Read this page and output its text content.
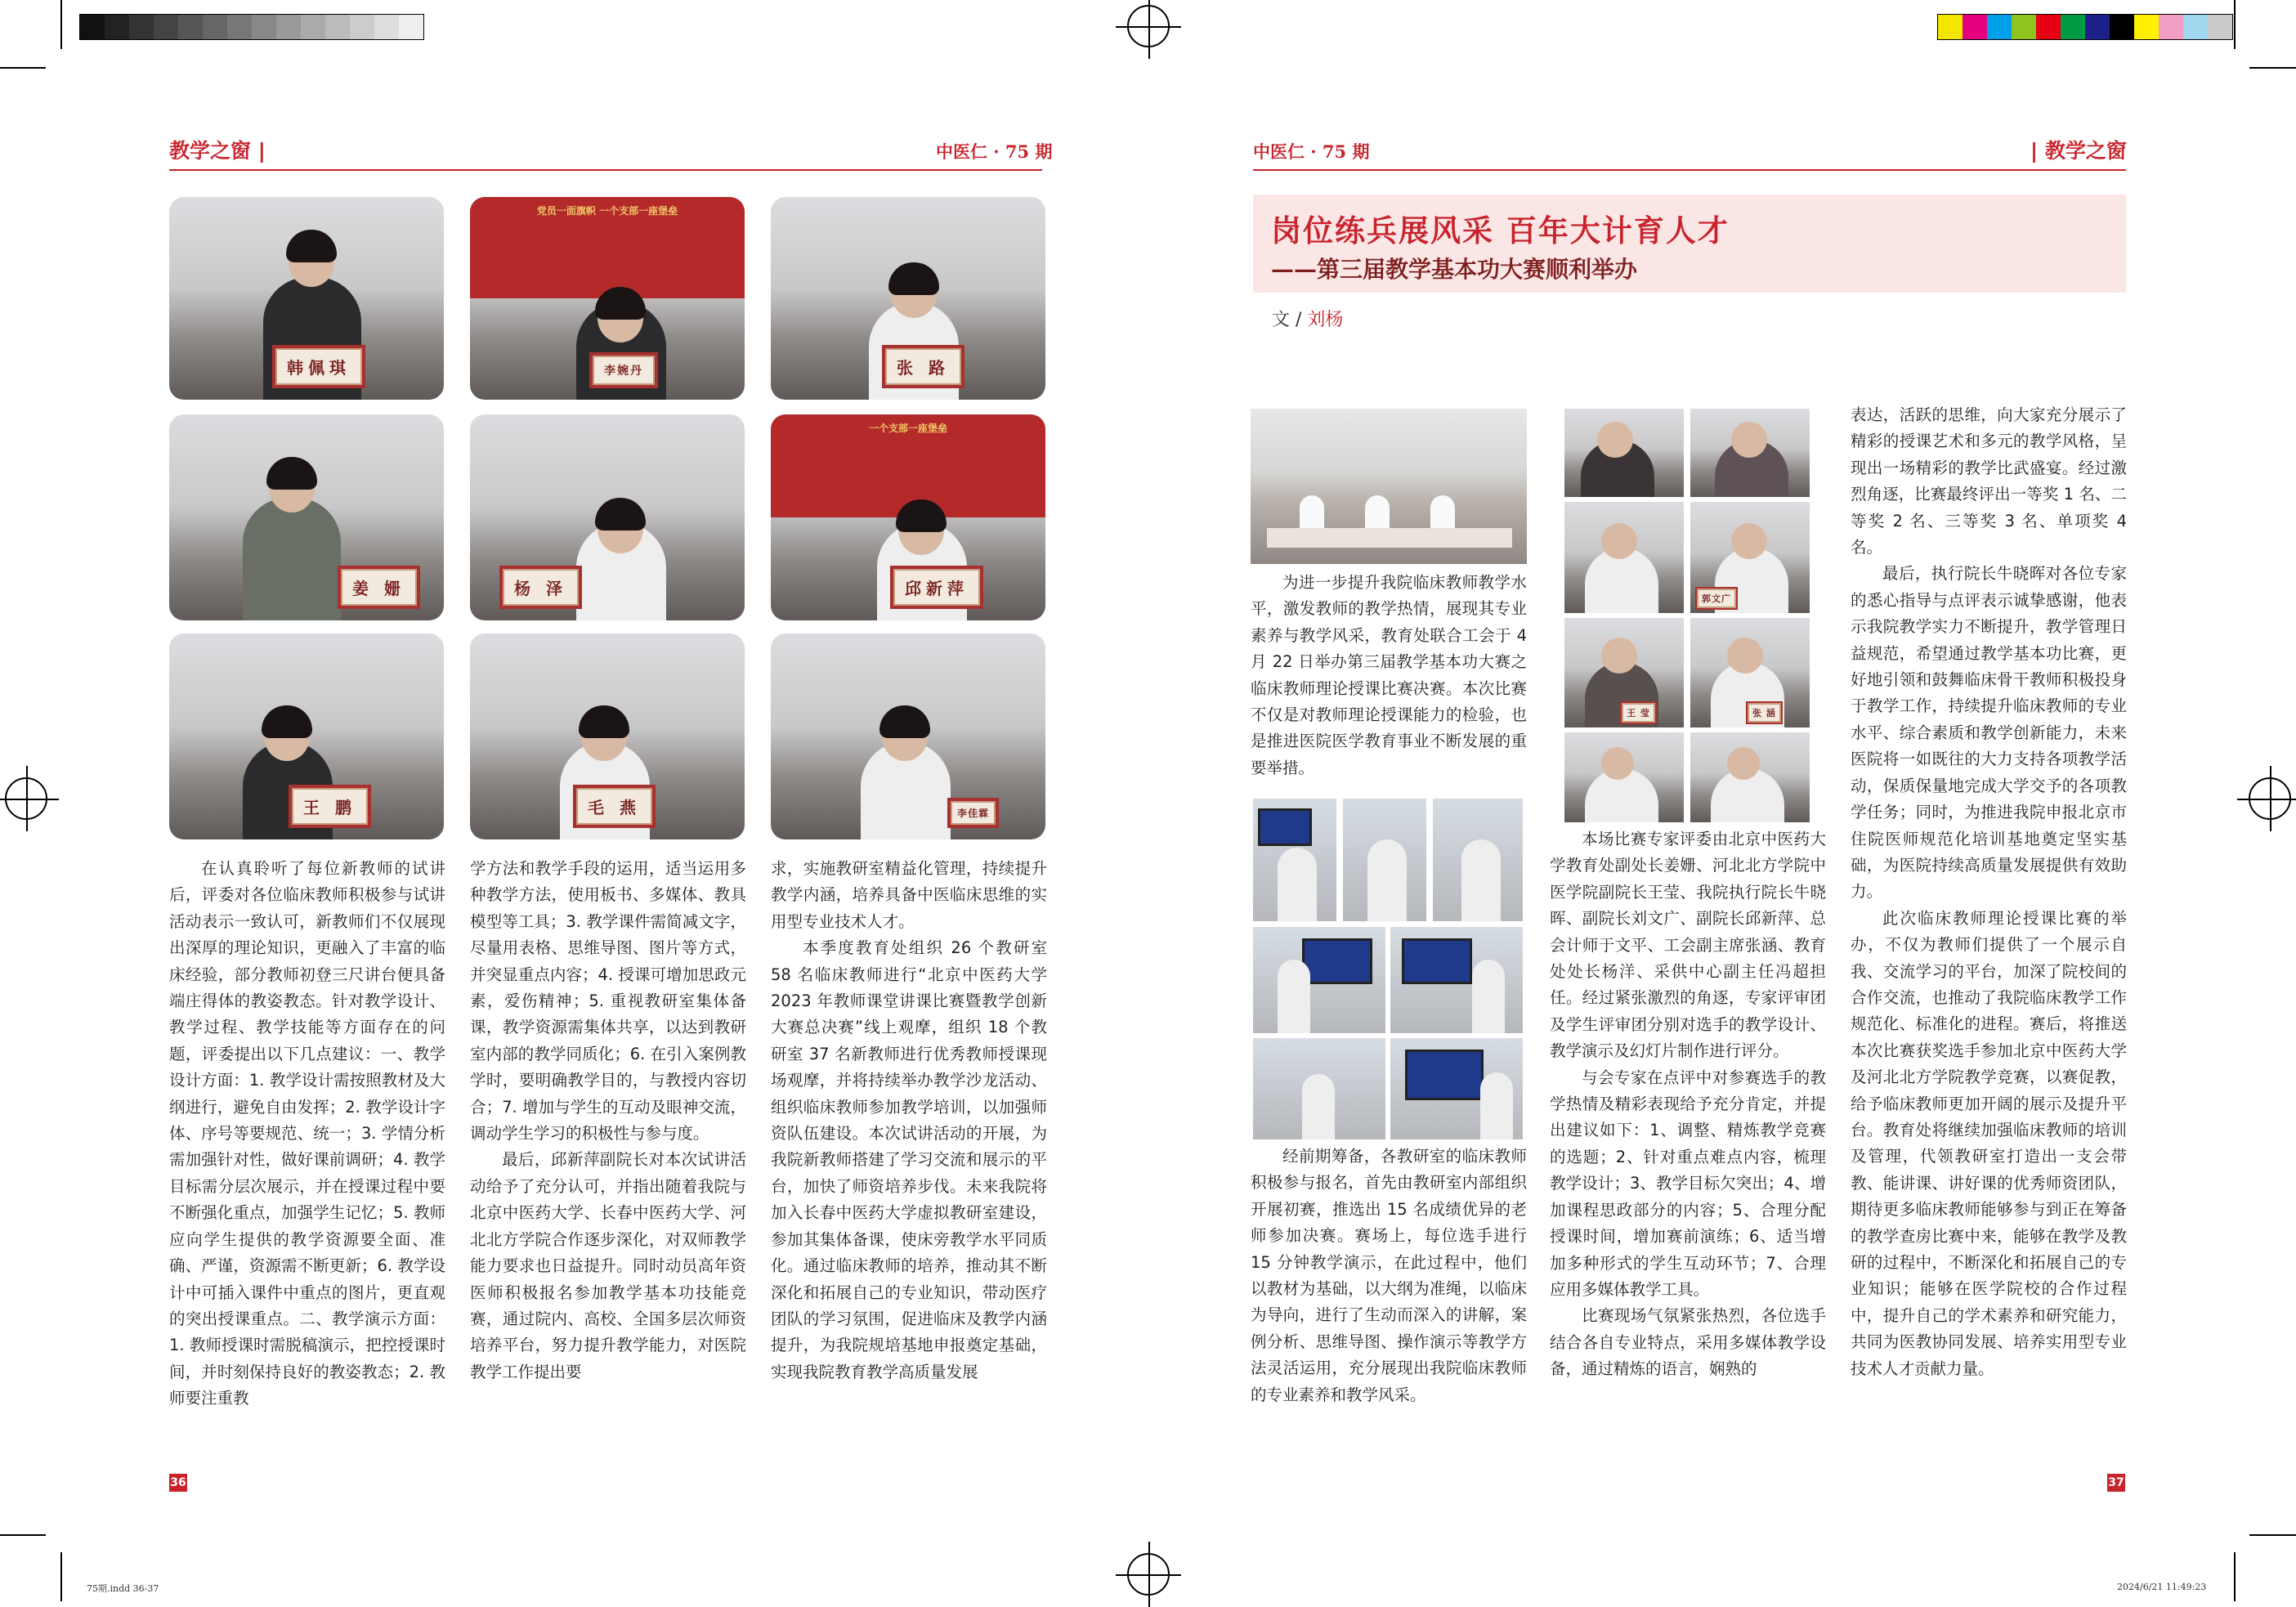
教学之窗 |	中医仁 · 75 期
韩佩琪
党员一面旗帜 一个支部一座堡垒
李婉丹	张 路
姜 姗	杨 泽
一个支部一座堡垒
邱新萍
王 鹏	毛 燕	李佳霖

在认真聆听了每位新教师的试讲后，评委对各位临床教师积极参与试讲活动表示一致认可，新教师们不仅展现出深厚的理论知识，更融入了丰富的临床经验，部分教师初登三尺讲台便具备端庄得体的教姿教态。针对教学设计、教学过程、教学技能等方面存在的问题，评委提出以下几点建议：一、教学设计方面：1. 教学设计需按照教材及大纲进行，避免自由发挥；2. 教学设计字体、序号等要规范、统一；3. 学情分析需加强针对性，做好课前调研；4. 教学目标需分层次展示，并在授课过程中要不断强化重点，加强学生记忆；5. 教师应向学生提供的教学资源要全面、准确、严谨，资源需不断更新；6. 教学设计中可插入课件中重点的图片，更直观的突出授课重点。二、教学演示方面：1. 教师授课时需脱稿演示，把控授课时间，并时刻保持良好的教姿教态；2. 教师要注重教

学方法和教学手段的运用，适当运用多种教学方法，使用板书、多媒体、教具模型等工具；3. 教学课件需简减文字，尽量用表格、思维导图、图片等方式，并突显重点内容；4. 授课可增加思政元素，爱伤精神；5. 重视教研室集体备课，教学资源需集体共享，以达到教研室内部的教学同质化；6. 在引入案例教学时，要明确教学目的，与教授内容切合；7. 增加与学生的互动及眼神交流，调动学生学习的积极性与参与度。

最后，邱新萍副院长对本次试讲活动给予了充分认可，并指出随着我院与北京中医药大学、长春中医药大学、河北北方学院合作逐步深化，对双师教学能力要求也日益提升。同时动员高年资医师积极报名参加教学基本功技能竞赛，通过院内、高校、全国多层次师资培养平台，努力提升教学能力，对医院教学工作提出要

求，实施教研室精益化管理，持续提升教学内涵，培养具备中医临床思维的实用型专业技术人才。

本季度教育处组织 26 个教研室 58 名临床教师进行“北京中医药大学 2023 年教师课堂讲课比赛暨教学创新大赛总决赛”线上观摩，组织 18 个教研室 37 名新教师进行优秀教师授课现场观摩，并将持续举办教学沙龙活动、组织临床教师参加教学培训，以加强师资队伍建设。本次试讲活动的开展，为我院新教师搭建了学习交流和展示的平台，加快了师资培养步伐。未来我院将加入长春中医药大学虚拟教研室建设，参加其集体备课，使床旁教学水平同质化。通过临床教师的培养，推动其不断深化和拓展自己的专业知识，带动医疗团队的学习氛围，促进临床及教学内涵提升，为我院规培基地申报奠定基础，实现我院教育教学高质量发展

36
中医仁 · 75 期	| 教学之窗
岗位练兵展风采 百年大计育人才
——第三届教学基本功大赛顺利举办
文 / 刘杨
郭文广
王 莹	张 涵

为进一步提升我院临床教师教学水平，激发教师的教学热情，展现其专业素养与教学风采，教育处联合工会于 4 月 22 日举办第三届教学基本功大赛之临床教师理论授课比赛决赛。本次比赛不仅是对教师理论授课能力的检验，也是推进医院医学教育事业不断发展的重要举措。

经前期筹备，各教研室的临床教师积极参与报名，首先由教研室内部组织开展初赛，推选出 15 名成绩优异的老师参加决赛。赛场上，每位选手进行 15 分钟教学演示，在此过程中，他们以教材为基础，以大纲为准绳，以临床为导向，进行了生动而深入的讲解，案例分析、思维导图、操作演示等教学方法灵活运用，充分展现出我院临床教师的专业素养和教学风采。

本场比赛专家评委由北京中医药大学教育处副处长姜姗、河北北方学院中医学院副院长王莹、我院执行院长牛晓晖、副院长刘文广、副院长邱新萍、总会计师于文平、工会副主席张涵、教育处处长杨洋、采供中心副主任冯超担任。经过紧张激烈的角逐，专家评审团及学生评审团分别对选手的教学设计、教学演示及幻灯片制作进行评分。

与会专家在点评中对参赛选手的教学热情及精彩表现给予充分肯定，并提出建议如下：1、调整、精炼教学竞赛的选题；2、针对重点难点内容，梳理教学设计；3、教学目标欠突出；4、增加课程思政部分的内容；5、合理分配授课时间，增加赛前演练；6、适当增加多种形式的学生互动环节；7、合理应用多媒体教学工具。

比赛现场气氛紧张热烈，各位选手结合各自专业特点，采用多媒体教学设备，通过精炼的语言，娴熟的

表达，活跃的思维，向大家充分展示了精彩的授课艺术和多元的教学风格，呈现出一场精彩的教学比武盛宴。经过激烈角逐，比赛最终评出一等奖 1 名、二等奖 2 名、三等奖 3 名、单项奖 4 名。

最后，执行院长牛晓晖对各位专家的悉心指导与点评表示诚挚感谢，他表示我院教学实力不断提升，教学管理日益规范，希望通过教学基本功比赛，更好地引领和鼓舞临床骨干教师积极投身于教学工作，持续提升临床教师的专业水平、综合素质和教学创新能力，未来医院将一如既往的大力支持各项教学活动，保质保量地完成大学交予的各项教学任务；同时，为推进我院申报北京市住院医师规范化培训基地奠定坚实基础，为医院持续高质量发展提供有效助力。

此次临床教师理论授课比赛的举办，不仅为教师们提供了一个展示自我、交流学习的平台，加深了院校间的合作交流，也推动了我院临床教学工作规范化、标准化的进程。赛后，将推送本次比赛获奖选手参加北京中医药大学及河北北方学院教学竞赛，以赛促教，给予临床教师更加开阔的展示及提升平台。教育处将继续加强临床教师的培训及管理，代领教研室打造出一支会带教、能讲课、讲好课的优秀师资团队，期待更多临床教师能够参与到正在筹备的教学查房比赛中来，能够在教学及教研的过程中，不断深化和拓展自己的专业知识；能够在医学院校的合作过程中，提升自己的学术素养和研究能力，共同为医教协同发展、培养实用型专业技术人才贡献力量。

37
75期.indd 36-37	2024/6/21 11:49:23
